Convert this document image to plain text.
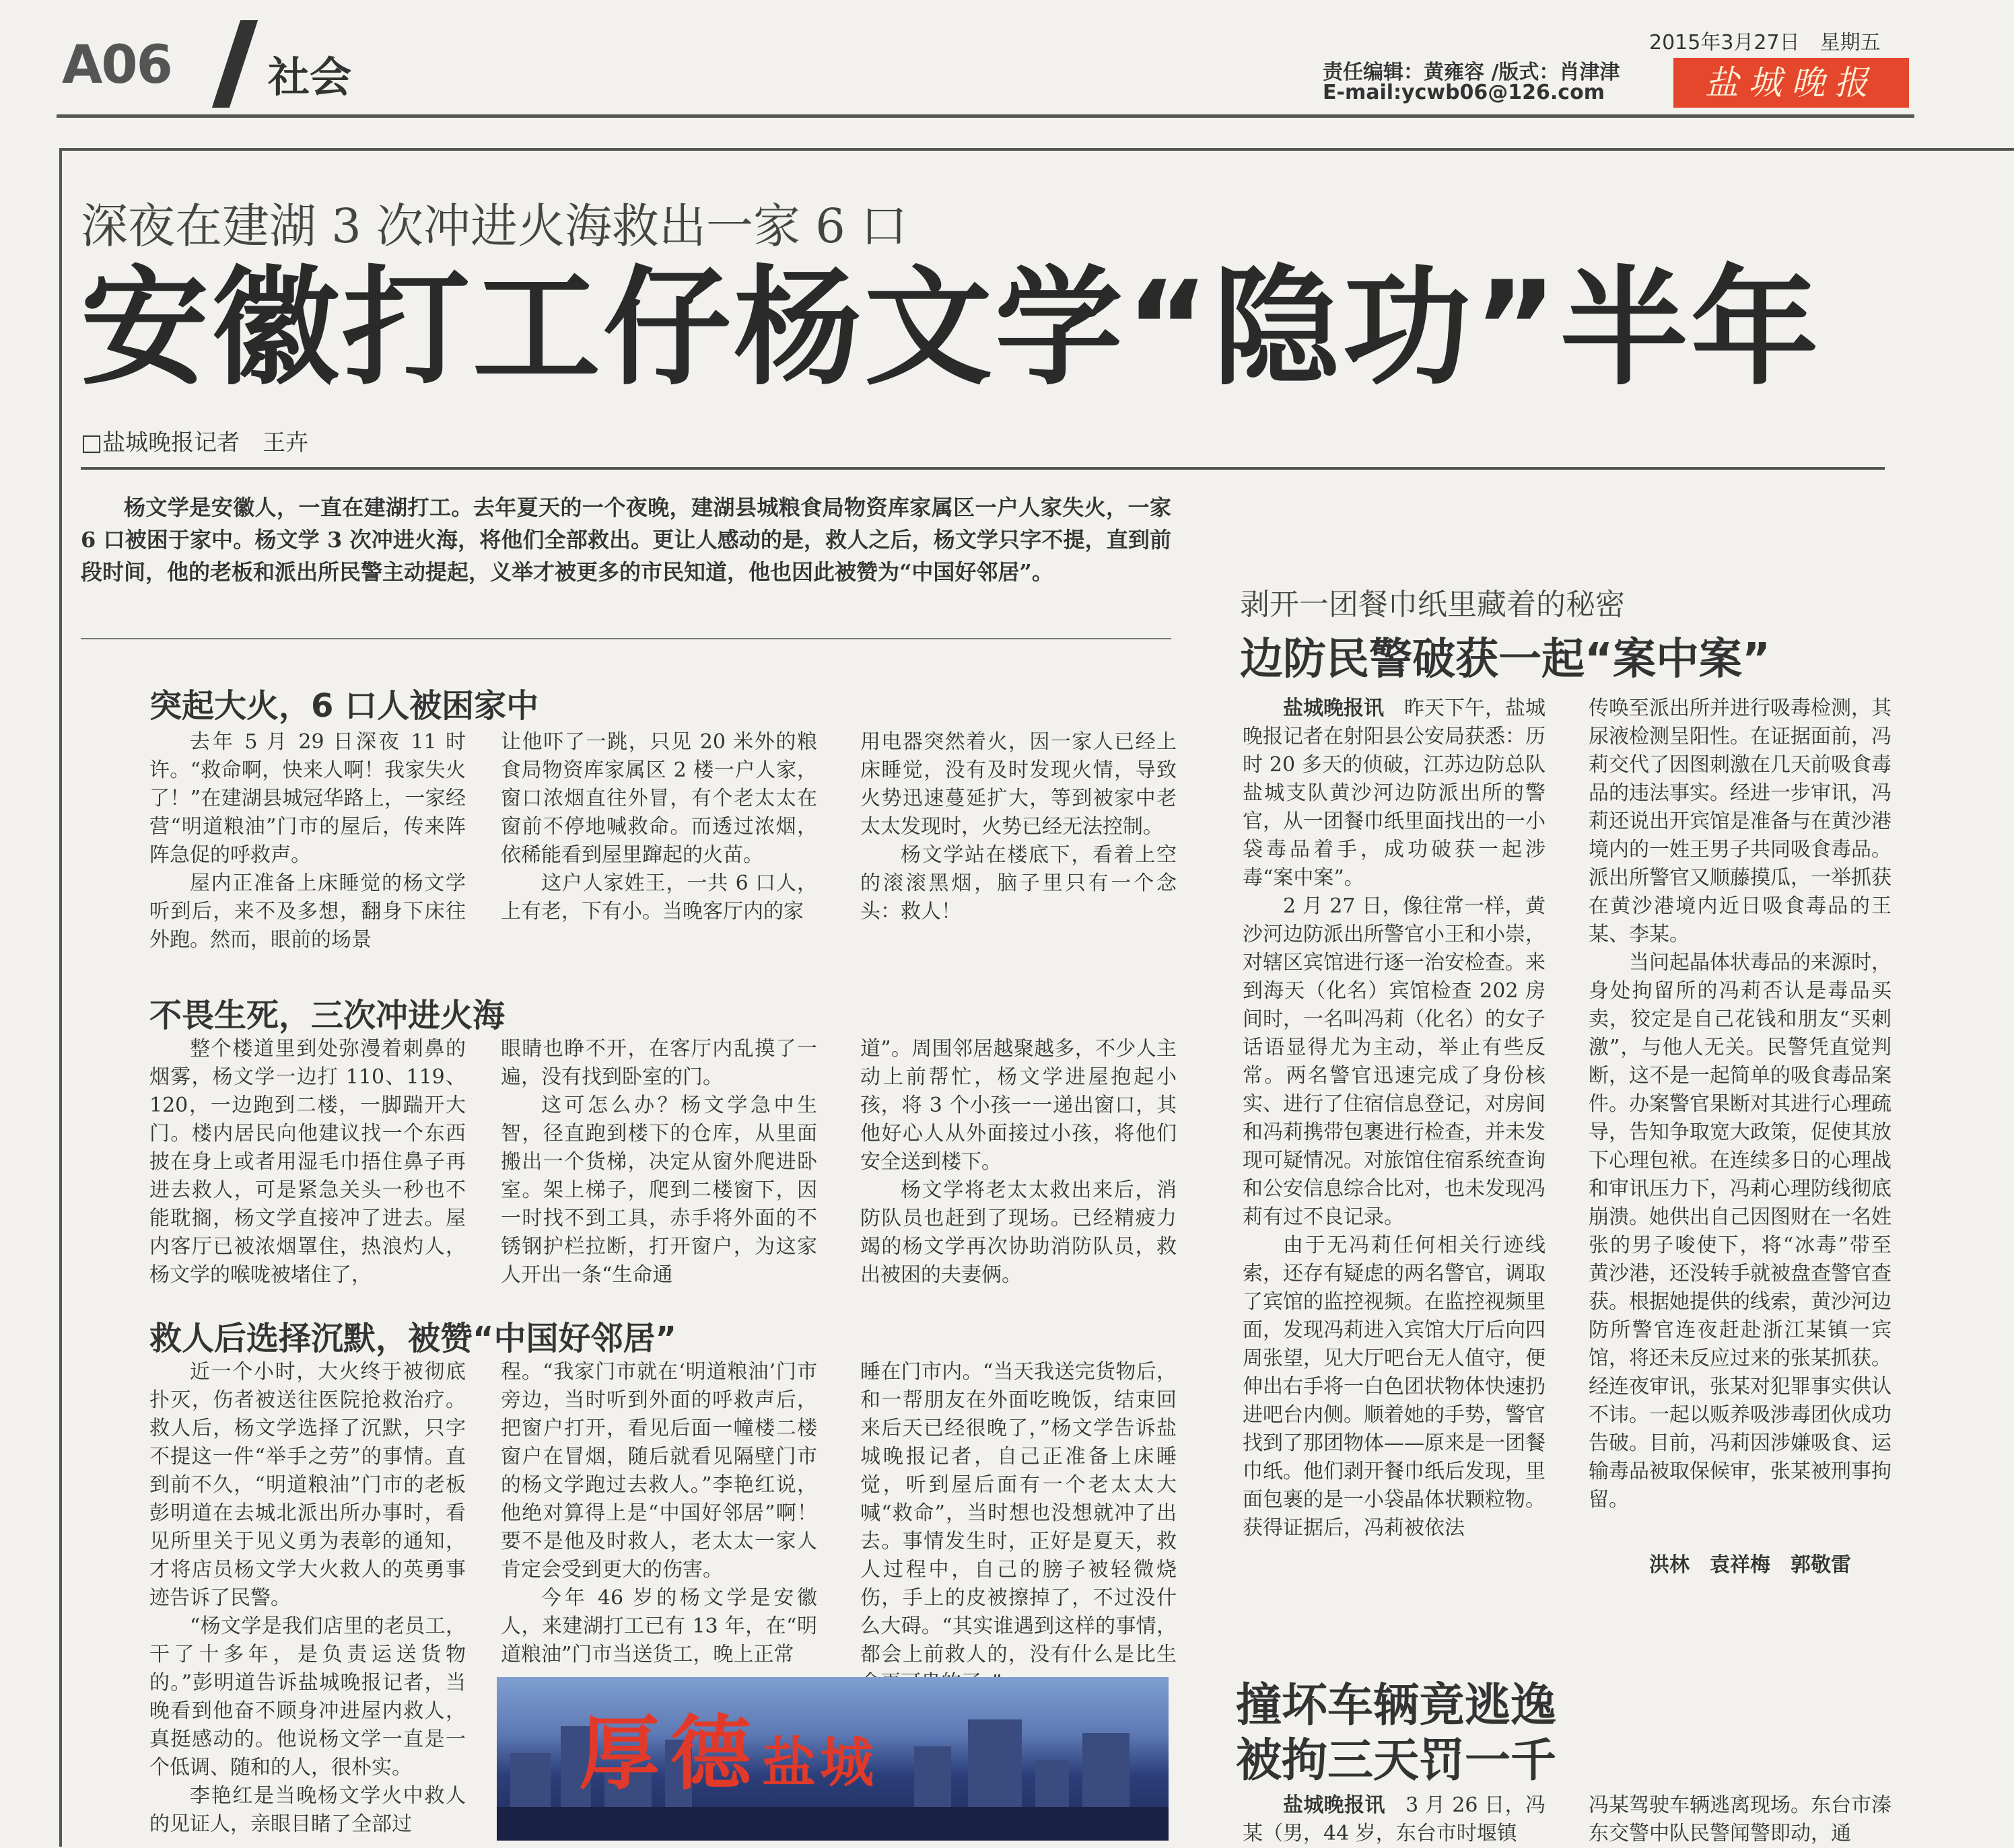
A06 社会
2015年3月27日　星期五
责任编辑：黄雍容 /版式：肖津津
E-mail:ycwb06@126.com	盐城晚报
深夜在建湖 3 次冲进火海救出一家 6 口
安徽打工仔杨文学“隐功”半年
□盐城晚报记者　王卉

杨文学是安徽人，一直在建湖打工。去年夏天的一个夜晚，建湖县城粮食局物资库家属区一户人家失火，一家 6 口被困于家中。杨文学 3 次冲进火海，将他们全部救出。更让人感动的是，救人之后，杨文学只字不提，直到前段时间，他的老板和派出所民警主动提起，义举才被更多的市民知道，他也因此被赞为“中国好邻居”。

突起大火，6 口人被困家中

去年 5 月 29 日深夜 11 时许。“救命啊，快来人啊！我家失火了！”在建湖县城冠华路上，一家经营“明道粮油”门市的屋后，传来阵阵急促的呼救声。

屋内正准备上床睡觉的杨文学听到后，来不及多想，翻身下床往外跑。然而，眼前的场景

让他吓了一跳，只见 20 米外的粮食局物资库家属区 2 楼一户人家，窗口浓烟直往外冒，有个老太太在窗前不停地喊救命。而透过浓烟，依稀能看到屋里蹿起的火苗。

这户人家姓王，一共 6 口人，上有老，下有小。当晚客厅内的家

用电器突然着火，因一家人已经上床睡觉，没有及时发现火情，导致火势迅速蔓延扩大，等到被家中老太太发现时，火势已经无法控制。

杨文学站在楼底下，看着上空的滚滚黑烟，脑子里只有一个念头：救人！

不畏生死，三次冲进火海

整个楼道里到处弥漫着刺鼻的烟雾，杨文学一边打 110、119、120，一边跑到二楼，一脚踹开大门。楼内居民向他建议找一个东西披在身上或者用湿毛巾捂住鼻子再进去救人，可是紧急关头一秒也不能耽搁，杨文学直接冲了进去。屋内客厅已被浓烟罩住，热浪灼人，杨文学的喉咙被堵住了，

眼睛也睁不开，在客厅内乱摸了一遍，没有找到卧室的门。

这可怎么办？杨文学急中生智，径直跑到楼下的仓库，从里面搬出一个货梯，决定从窗外爬进卧室。架上梯子，爬到二楼窗下，因一时找不到工具，赤手将外面的不锈钢护栏拉断，打开窗户，为这家人开出一条“生命通

道”。周围邻居越聚越多，不少人主动上前帮忙，杨文学进屋抱起小孩，将 3 个小孩一一递出窗口，其他好心人从外面接过小孩，将他们安全送到楼下。

杨文学将老太太救出来后，消防队员也赶到了现场。已经精疲力竭的杨文学再次协助消防队员，救出被困的夫妻俩。

救人后选择沉默，被赞“中国好邻居”

近一个小时，大火终于被彻底扑灭，伤者被送往医院抢救治疗。救人后，杨文学选择了沉默，只字不提这一件“举手之劳”的事情。直到前不久，“明道粮油”门市的老板彭明道在去城北派出所办事时，看见所里关于见义勇为表彰的通知，才将店员杨文学大火救人的英勇事迹告诉了民警。

“杨文学是我们店里的老员工，干了十多年，是负责运送货物的。”彭明道告诉盐城晚报记者，当晚看到他奋不顾身冲进屋内救人，真挺感动的。他说杨文学一直是一个低调、随和的人，很朴实。

李艳红是当晚杨文学火中救人的见证人，亲眼目睹了全部过

程。“我家门市就在‘明道粮油’门市旁边，当时听到外面的呼救声后，把窗户打开，看见后面一幢楼二楼窗户在冒烟，随后就看见隔壁门市的杨文学跑过去救人。”李艳红说，他绝对算得上是“中国好邻居”啊！要不是他及时救人，老太太一家人肯定会受到更大的伤害。

今年 46 岁的杨文学是安徽人，来建湖打工已有 13 年，在“明道粮油”门市当送货工，晚上正常

睡在门市内。“当天我送完货物后，和一帮朋友在外面吃晚饭，结束回来后天已经很晚了，”杨文学告诉盐城晚报记者，自己正准备上床睡觉，听到屋后面有一个老太太大喊“救命”，当时想也没想就冲了出去。事情发生时，正好是夏天，救人过程中，自己的膀子被轻微烧伤，手上的皮被擦掉了，不过没什么大碍。“其实谁遇到这样的事情，都会上前救人的，没有什么是比生

厚德盐城
剥开一团餐巾纸里藏着的秘密
边防民警破获一起“案中案”

盐城晚报讯　 昨天下午，盐城晚报记者在射阳县公安局获悉：历时 20 多天的侦破，江苏边防总队盐城支队黄沙河边防派出所的警官，从一团餐巾纸里面找出的一小袋毒品着手，成功破获一起涉毒“案中案”。

2 月 27 日，像往常一样，黄沙河边防派出所警官小王和小崇，对辖区宾馆进行逐一治安检查。来到海天（化名）宾馆检查 202 房间时，一名叫冯莉（化名）的女子话语显得尤为主动，举止有些反常。两名警官迅速完成了身份核实、进行了住宿信息登记，对房间和冯莉携带包裹进行检查，并未发现可疑情况。对旅馆住宿系统查询和公安信息综合比对，也未发现冯莉有过不良记录。

由于无冯莉任何相关行迹线索，还存有疑虑的两名警官，调取了宾馆的监控视频。在监控视频里面，发现冯莉进入宾馆大厅后向四周张望，见大厅吧台无人值守，便伸出右手将一白色团状物体快速扔进吧台内侧。顺着她的手势，警官找到了那团物体——原来是一团餐巾纸。他们剥开餐巾纸后发现，里面包裹的是一小袋晶体状颗粒物。获得证据后，冯莉被依法

传唤至派出所并进行吸毒检测，其尿液检测呈阳性。在证据面前，冯莉交代了因图刺激在几天前吸食毒品的违法事实。经进一步审讯，冯莉还说出开宾馆是准备与在黄沙港境内的一姓王男子共同吸食毒品。派出所警官又顺藤摸瓜，一举抓获在黄沙港境内近日吸食毒品的王某、李某。

当问起晶体状毒品的来源时，身处拘留所的冯莉否认是毒品买卖，狡定是自己花钱和朋友“买刺激”，与他人无关。民警凭直觉判断，这不是一起简单的吸食毒品案件。办案警官果断对其进行心理疏导，告知争取宽大政策，促使其放下心理包袱。在连续多日的心理战和审讯压力下，冯莉心理防线彻底崩溃。她供出自己因图财在一名姓张的男子唆使下，将“冰毒”带至黄沙港，还没转手就被盘查警官查获。根据她提供的线索，黄沙河边防所警官连夜赶赴浙江某镇一宾馆，将还未反应过来的张某抓获。经连夜审讯，张某对犯罪事实供认不讳。一起以贩养吸涉毒团伙成功告破。目前，冯莉因涉嫌吸食、运输毒品被取保候审，张某被刑事拘留。

洪林　袁祥梅　郭敬雷
撞坏车辆竟逃逸
被拘三天罚一千

盐城晚报讯　 3 月 26 日，冯某（男，44 岁，东台市时堰镇

冯某驾驶车辆逃离现场。东台市溱东交警中队民警闻警即动，通
